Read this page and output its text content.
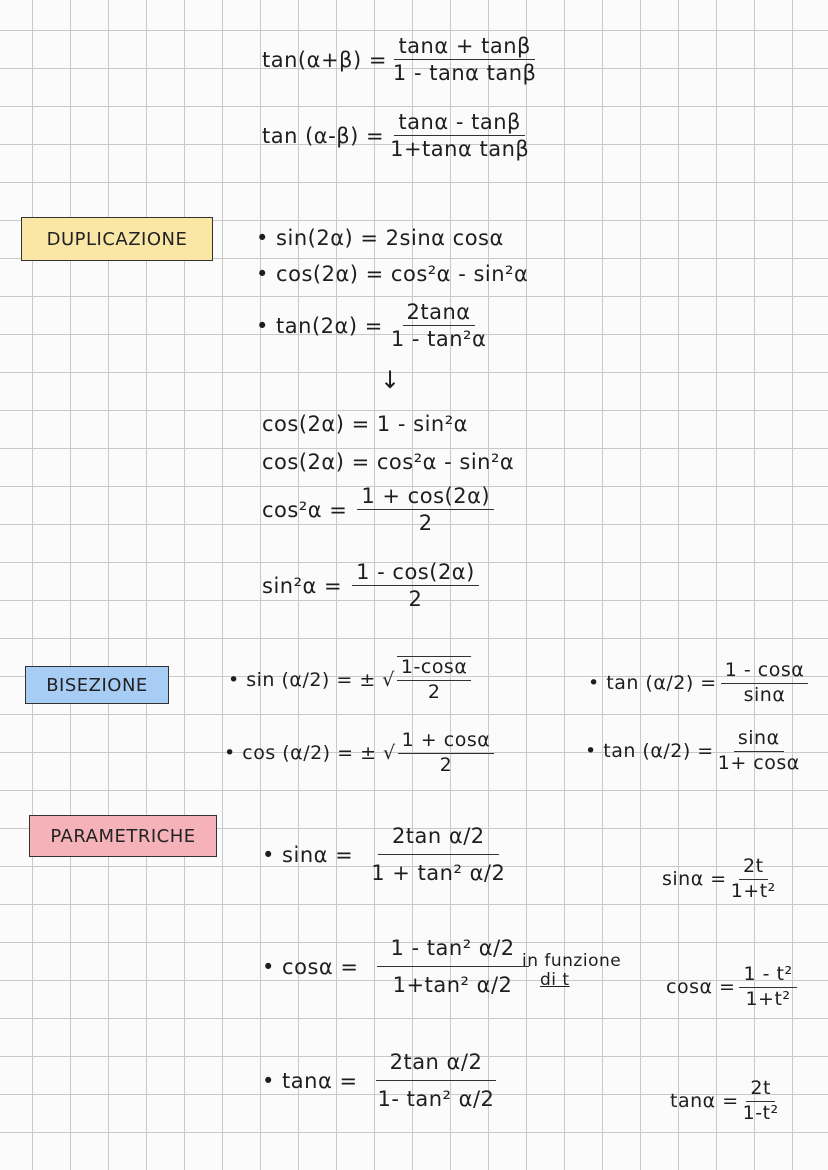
$\tan(\alpha+\beta) = \frac{\tan\alpha + \tan\beta}{\text{1 - tanα tanβ}}$
$\tan (\alpha-\beta) = \frac{\tan\alpha - \tan\beta}{\text{1+tanα tanβ}}$
DUPLICAZIONE	• sin(2α) = 2sinα cosα
• cos(2α) = cos²α - sin²α
• $\tan(2\alpha) = \frac{2\tan\alpha}{\text{1 - tan²α}}$
↓
cos(2α) = 1 - sin²α
cos(2α) = cos²α - sin²α
$\cos^2\alpha = \frac{1 + \cos(2\alpha)}{2}$
$\sin^2\alpha = \frac{1 - \cos(2\alpha)}{2}$
BISEZIONE	• sin (α/2) = ± √ $\frac{1-\cos\alpha}{2}$
• cos (α/2) = ± √ $\frac{1 + \cos\alpha}{2}$
• $\tan (\alpha/2) = \frac{1 - \cos\alpha}{\sin\alpha}$
• $\tan (\alpha/2) = \frac{\sin\alpha}{1+ \cos\alpha}$
PARAMETRICHE
• $\sin\alpha = \frac{\text{2tan α/2}}{\text{1 + tan² α/2}}$
• $\cos\alpha = \frac{\text{1 - tan² α/2}}{\text{1+tan² α/2}}$
• $\tan\alpha = \frac{\text{2tan α/2}}{\text{1- tan² α/2}}$
in funzione
di t
$\sin\alpha = \frac{2t}{\text{1+t²}}$
$\cos\alpha = \frac{\text{1 - t²}}{\text{1+t²}}$
$\tan\alpha = \frac{2t}{\text{1-t²}}$
